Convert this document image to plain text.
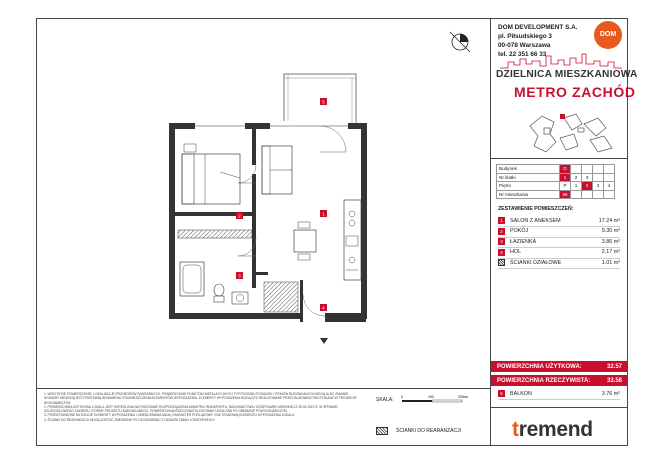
DOM DEVELOPMENT S.A.
pl. Piłsudskiego 3
00-078 Warszawa
tel. 22 351 66 33
DOM
DZIELNICA MIESZKANIOWA
METRO ZACHÓD
Budynek	D				
Nr klatki	1	2	3		
Piętro	P	1	2	3	4
Nr mieszkania	56				
ZESTAWIENIE POMIESZCZEŃ:
1	SALON Z ANEKSEM	17.24 m²
2	POKÓJ	9.30 m²
3	ŁAZIENKA	3.86 m²
4	HOL	2.17 m²
ŚCIANKI DZIAŁOWE	1.01 m²
POWIERZCHNIA UŻYTKOWA:	32.57
POWIERZCHNIA RZECZYWISTA:	33.58
5	BALKON	3.76 m²
tremend
1. WSZYSTKIE POWIERZCHNIE, LOKALIZACJE PRZYBORÓW SANITARNYCH, POWIERZCHNIE PUNKTÓW INSTALACYJNYCH TYP POZIOMU POSADZKI I PIONÓW BUDOWLANYCH MOGĄ ULEC ZMIANIE. WYMIARY NIEMOGĄ BYĆ PODSTAWĄ WYMIARÓW I ROZMIESZCZENIA ELEMENTÓW WYPOSAŻENIA. ELEMENTY WYPOSAŻENIA MOGĄ BYĆ REALIZOWANE PRZEZ BUDOWNICTWO PODANE W PROJEKCIE WYKONAWCZYM.
2. POWIERZCHNIA UŻYTKOWA LOKALU JEST OKREŚLONA NA PODSTAWIE ROZPORZĄDZENIA MINISTRA TRANSPORTU, BUDOWNICTWA I GOSPODARKI MORSKIEJ Z 25.04.2012 R. W SPRAWIE SZCZEGÓŁOWEGO ZAKRESU I FORMY PROJEKTU BUDOWLANEGO. POWIERZCHNIA RZECZYWISTA ZOSTANIE USTALONA PO OBMIARZE POWYKONAWCZYM.
3. PRZEDSTAWIONE NA RZUCIE ELEMENTY WYPOSAŻENIA I UMEBLOWANIA MAJĄ CHARAKTER POGLĄDOWY I NIE STANOWIĄ ELEMENTU WYPOSAŻENIA LOKALU.
4. ŚCIANKI DO REARANŻACJI MOGĄ ZOSTAĆ ZMIENIONE PO UZGODNIENIU Z DZIAŁEM ZMIAN LOKATORSKICH.
SKALA: 0	100	200cm
ŚCIANKI DO REARANŻACJI
5
1
2
3
4
